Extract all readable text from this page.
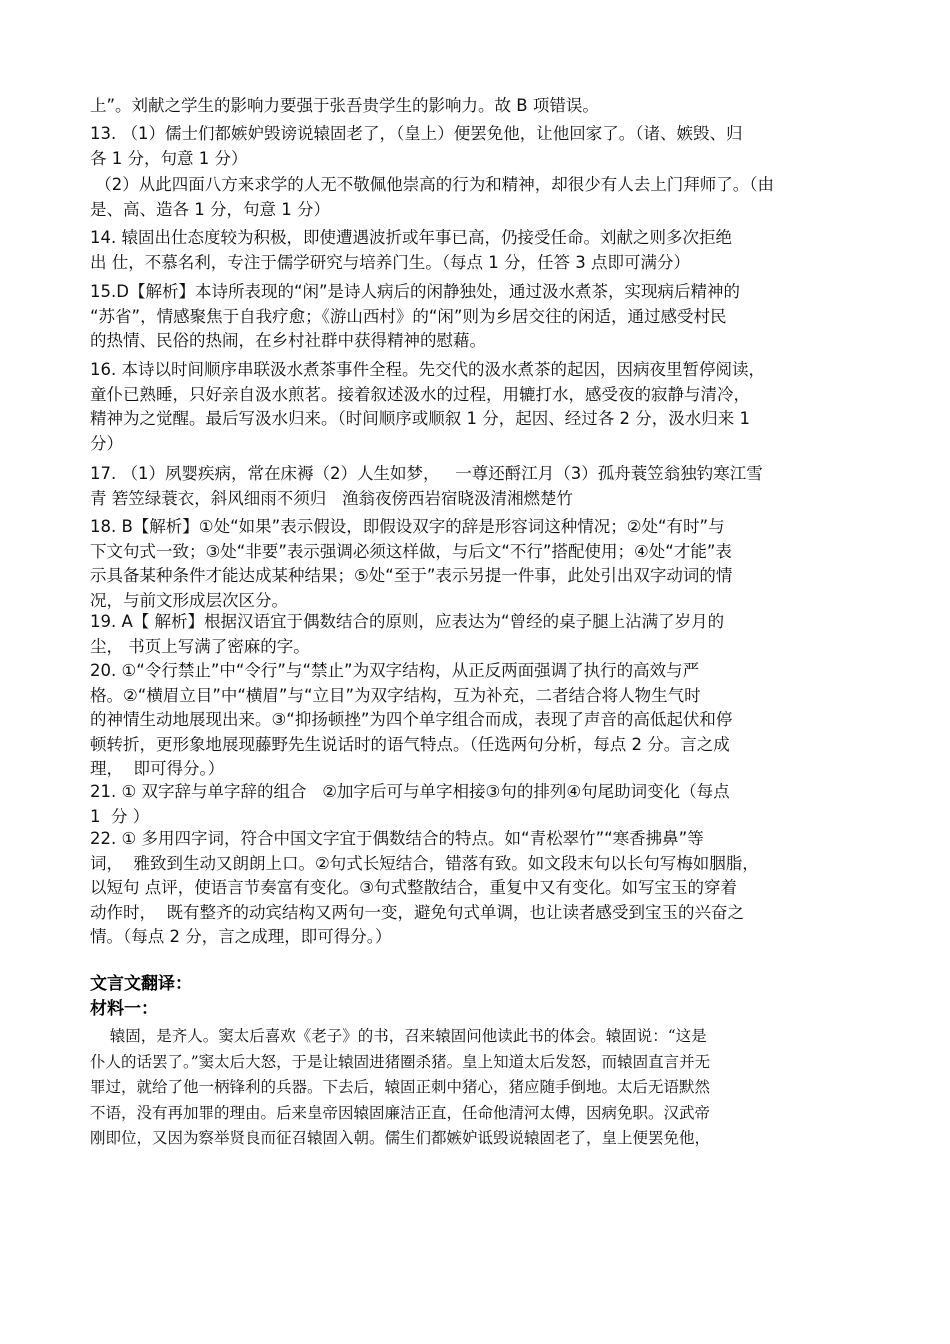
上”。刘献之学生的影响力要强于张吾贵学生的影响力。故 B 项错误。

13. （1）儒士们都嫉妒毁谤说辕固老了，（皇上）便罢免他，让他回家了。（诸、嫉毁、归
各 1 分，句意 1 分）

（2）从此四面八方来求学的人无不敬佩他崇高的行为和精神，却很少有人去上门拜师了。（由
是、高、造各 1 分，句意 1 分）

14. 辕固出仕态度较为积极，即使遭遇波折或年事已高，仍接受任命。刘献之则多次拒绝
出 仕，不慕名利，专注于儒学研究与培养门生。（每点 1 分，任答 3 点即可满分）

15.D【解析】本诗所表现的“闲”是诗人病后的闲静独处，通过汲水煮茶，实现病后精神的
“苏省”，情感聚焦于自我疗愈；《游山西村》的“闲”则为乡居交往的闲适，通过感受村民
的热情、民俗的热闹，在乡村社群中获得精神的慰藉。

16. 本诗以时间顺序串联汲水煮茶事件全程。先交代的汲水煮茶的起因，因病夜里暂停阅读，
童仆已熟睡，只好亲自汲水煎茗。接着叙述汲水的过程，用辘打水，感受夜的寂静与清冷，
精神为之觉醒。最后写汲水归来。（时间顺序或顺叙 1 分，起因、经过各 2 分，汲水归来 1
分）

17. （1）夙婴疾病，常在床褥（2）人生如梦，   一尊还酹江月（3）孤舟蓑笠翁独钓寒江雪
青 箬笠绿蓑衣，斜风细雨不须归   渔翁夜傍西岩宿晓汲清湘燃楚竹

18. B【解析】①处“如果”表示假设，即假设双字的辞是形容词这种情况；②处“有时”与
下文句式一致；③处“非要”表示强调必须这样做，与后文“不行”搭配使用；④处“才能”表
示具备某种条件才能达成某种结果；⑤处“至于”表示另提一件事，此处引出双字动词的情
况，与前文形成层次区分。

19. A【 解析】根据汉语宜于偶数结合的原则，应表达为“曾经的桌子腿上沾满了岁月的
尘， 书页上写满了密麻的字。

20. ①“令行禁止”中“令行”与“禁止”为双字结构，从正反两面强调了执行的高效与严
格。②“横眉立目”中“横眉”与“立目”为双字结构，互为补充，二者结合将人物生气时
的神情生动地展现出来。③“抑扬顿挫”为四个单字组合而成，表现了声音的高低起伏和停
顿转折，更形象地展现藤野先生说话时的语气特点。（任选两句分析，每点 2 分。言之成
理，  即可得分。）

21. ① 双字辞与单字辞的组合   ②加字后可与单字相接③句的排列④句尾助词变化（每点
1  分 ）

22. ① 多用四字词，符合中国文字宜于偶数结合的特点。如“青松翠竹”“寒香拂鼻”等
词，  雅致到生动又朗朗上口。②句式长短结合，错落有致。如文段末句以长句写梅如胭脂，
以短句 点评，使语言节奏富有变化。③句式整散结合，重复中又有变化。如写宝玉的穿着
动作时，  既有整齐的动宾结构又两句一变，避免句式单调，也让读者感受到宝玉的兴奋之
情。（每点 2 分，言之成理，即可得分。）

文言文翻译：
材料一：

辕固，是齐人。窦太后喜欢《老子》的书，召来辕固问他读此书的体会。辕固说：“这是
仆人的话罢了。”窦太后大怒，于是让辕固进猪圈杀猪。皇上知道太后发怒，而辕固直言并无
罪过，就给了他一柄锋利的兵器。下去后，辕固正刺中猪心，猪应随手倒地。太后无语默然
不语，没有再加罪的理由。后来皇帝因辕固廉洁正直，任命他清河太傅，因病免职。汉武帝
刚即位，又因为察举贤良而征召辕固入朝。儒生们都嫉妒诋毁说辕固老了，皇上便罢免他，
